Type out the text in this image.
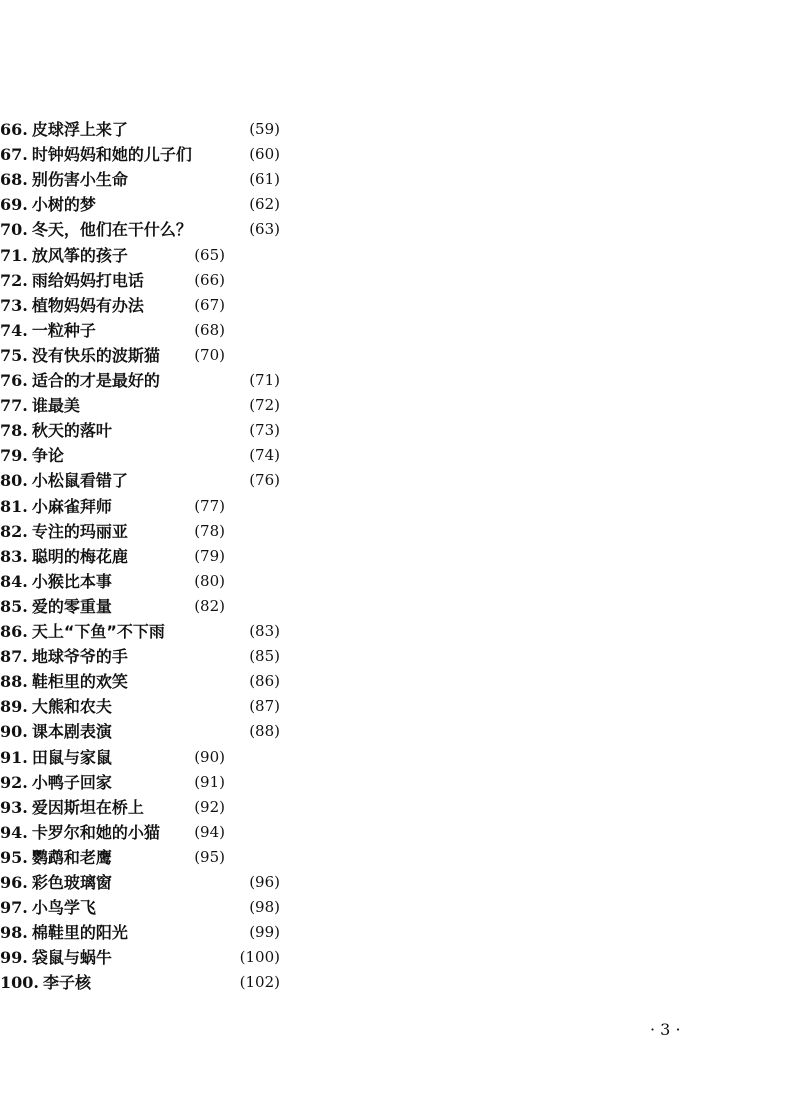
66. 皮球浮上来了	(59)
67. 时钟妈妈和她的儿子们	(60)
68. 别伤害小生命	(61)
69. 小树的梦	(62)
70. 冬天，他们在干什么？	(63)
71. 放风筝的孩子	(65)
72. 雨给妈妈打电话	(66)
73. 植物妈妈有办法	(67)
74. 一粒种子	(68)
75. 没有快乐的波斯猫 (70)
76. 适合的才是最好的	(71)
77. 谁最美	(72)
78. 秋天的落叶	(73)
79. 争论	(74)
80. 小松鼠看错了	(76)
81. 小麻雀拜师	(77)
82. 专注的玛丽亚	(78)
83. 聪明的梅花鹿	(79)
84. 小猴比本事	(80)
85. 爱的零重量	(82)
86. 天上“下鱼”不下雨	(83)
87. 地球爷爷的手	(85)
88. 鞋柜里的欢笑	(86)
89. 大熊和农夫	(87)
90. 课本剧表演	(88)
91. 田鼠与家鼠	(90)
92. 小鸭子回家	(91)
93. 爱因斯坦在桥上	(92)
94. 卡罗尔和她的小猫 (94)
95. 鹦鹉和老鹰	(95)
96. 彩色玻璃窗	(96)
97. 小鸟学飞	(98)
98. 棉鞋里的阳光	(99)
99. 袋鼠与蜗牛	(100)
100. 李子核	(102)
· 3 ·
